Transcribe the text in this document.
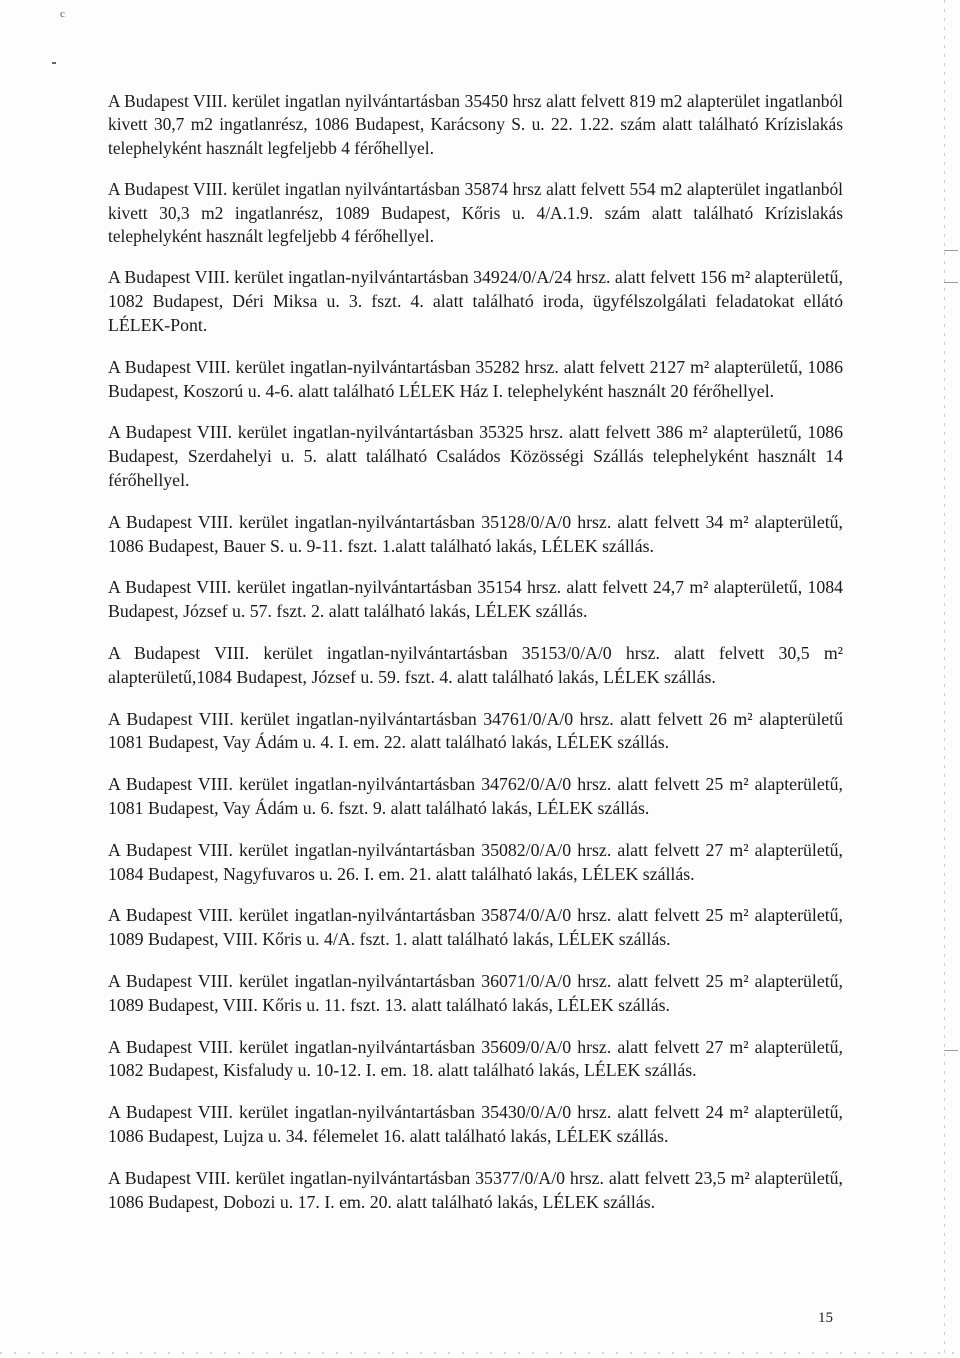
c

A Budapest VIII. kerület ingatlan nyilvántartásban 35450 hrsz alatt felvett 819 m2 alapterület ingatlanból kivett 30,7 m2 ingatlanrész, 1086 Budapest, Karácsony S. u. 22. 1.22. szám alatt található Krízislakás telephelyként használt legfeljebb 4 férőhellyel.

A Budapest VIII. kerület ingatlan nyilvántartásban 35874 hrsz alatt felvett 554 m2 alapterület ingatlanból kivett 30,3 m2 ingatlanrész, 1089 Budapest, Kőris u. 4/A.1.9. szám alatt található Krízislakás telephelyként használt legfeljebb 4 férőhellyel.

A Budapest VIII. kerület ingatlan-nyilvántartásban 34924/0/A/24 hrsz. alatt felvett 156 m² alapterületű, 1082 Budapest, Déri Miksa u. 3. fszt. 4. alatt található iroda, ügyfélszolgálati feladatokat ellátó LÉLEK-Pont.

A Budapest VIII. kerület ingatlan-nyilvántartásban 35282 hrsz. alatt felvett 2127 m² alapterületű, 1086 Budapest, Koszorú u. 4-6. alatt található LÉLEK Ház I. telephelyként használt 20 férőhellyel.

A Budapest VIII. kerület ingatlan-nyilvántartásban 35325 hrsz. alatt felvett 386 m² alapterületű, 1086 Budapest, Szerdahelyi u. 5. alatt található Családos Közösségi Szállás telephelyként használt 14 férőhellyel.

A Budapest VIII. kerület ingatlan-nyilvántartásban 35128/0/A/0 hrsz. alatt felvett 34 m² alapterületű, 1086 Budapest, Bauer S. u. 9-11. fszt. 1.alatt található lakás, LÉLEK szállás.

A Budapest VIII. kerület ingatlan-nyilvántartásban 35154 hrsz. alatt felvett 24,7 m² alapterületű, 1084 Budapest, József u. 57. fszt. 2. alatt található lakás, LÉLEK szállás.

A Budapest VIII. kerület ingatlan-nyilvántartásban 35153/0/A/0 hrsz. alatt felvett 30,5 m² alapterületű,1084 Budapest, József u. 59. fszt. 4. alatt található lakás, LÉLEK szállás.

A Budapest VIII. kerület ingatlan-nyilvántartásban 34761/0/A/0 hrsz. alatt felvett 26 m² alapterületű 1081 Budapest, Vay Ádám u. 4. I. em. 22. alatt található lakás, LÉLEK szállás.

A Budapest VIII. kerület ingatlan-nyilvántartásban 34762/0/A/0 hrsz. alatt felvett 25 m² alapterületű, 1081 Budapest, Vay Ádám u. 6. fszt. 9. alatt található lakás, LÉLEK szállás.

A Budapest VIII. kerület ingatlan-nyilvántartásban 35082/0/A/0 hrsz. alatt felvett 27 m² alapterületű, 1084 Budapest, Nagyfuvaros u. 26. I. em. 21. alatt található lakás, LÉLEK szállás.

A Budapest VIII. kerület ingatlan-nyilvántartásban 35874/0/A/0 hrsz. alatt felvett 25 m² alapterületű, 1089 Budapest, VIII. Kőris u. 4/A. fszt. 1. alatt található lakás, LÉLEK szállás.

A Budapest VIII. kerület ingatlan-nyilvántartásban 36071/0/A/0 hrsz. alatt felvett 25 m² alapterületű, 1089 Budapest, VIII. Kőris u. 11. fszt. 13. alatt található lakás, LÉLEK szállás.

A Budapest VIII. kerület ingatlan-nyilvántartásban 35609/0/A/0 hrsz. alatt felvett 27 m² alapterületű, 1082 Budapest, Kisfaludy u. 10-12. I. em. 18. alatt található lakás, LÉLEK szállás.

A Budapest VIII. kerület ingatlan-nyilvántartásban 35430/0/A/0 hrsz. alatt felvett 24 m² alapterületű, 1086 Budapest, Lujza u. 34. félemelet 16. alatt található lakás, LÉLEK szállás.

A Budapest VIII. kerület ingatlan-nyilvántartásban 35377/0/A/0 hrsz. alatt felvett 23,5 m² alapterületű, 1086 Budapest, Dobozi u. 17. I. em. 20. alatt található lakás, LÉLEK szállás.

15
